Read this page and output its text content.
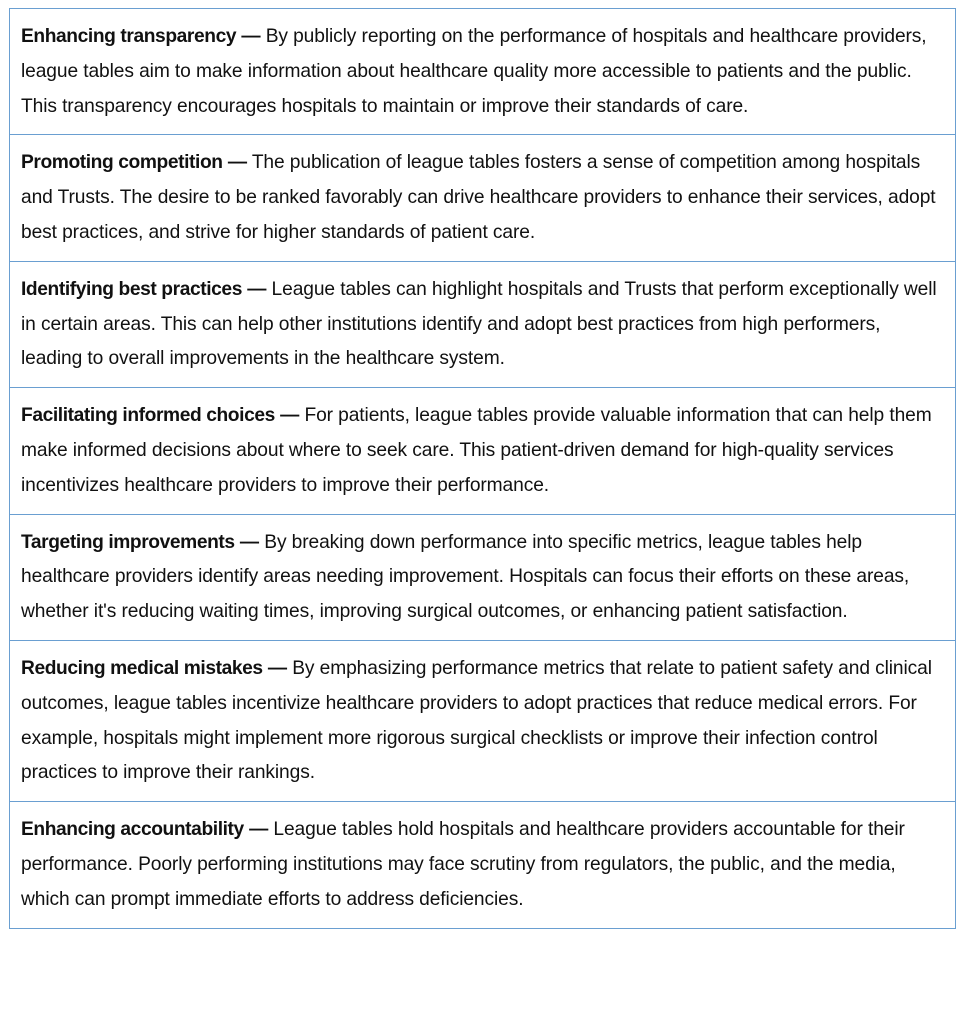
Enhancing transparency — By publicly reporting on the performance of hospitals and healthcare providers, league tables aim to make information about healthcare quality more accessible to patients and the public. This transparency encourages hospitals to maintain or improve their standards of care.
Promoting competition — The publication of league tables fosters a sense of competition among hospitals and Trusts. The desire to be ranked favorably can drive healthcare providers to enhance their services, adopt best practices, and strive for higher standards of patient care.
Identifying best practices — League tables can highlight hospitals and Trusts that perform exceptionally well in certain areas. This can help other institutions identify and adopt best practices from high performers, leading to overall improvements in the healthcare system.
Facilitating informed choices — For patients, league tables provide valuable information that can help them make informed decisions about where to seek care. This patient-driven demand for high-quality services incentivizes healthcare providers to improve their performance.
Targeting improvements — By breaking down performance into specific metrics, league tables help healthcare providers identify areas needing improvement. Hospitals can focus their efforts on these areas, whether it's reducing waiting times, improving surgical outcomes, or enhancing patient satisfaction.
Reducing medical mistakes — By emphasizing performance metrics that relate to patient safety and clinical outcomes, league tables incentivize healthcare providers to adopt practices that reduce medical errors. For example, hospitals might implement more rigorous surgical checklists or improve their infection control practices to improve their rankings.
Enhancing accountability — League tables hold hospitals and healthcare providers accountable for their performance. Poorly performing institutions may face scrutiny from regulators, the public, and the media, which can prompt immediate efforts to address deficiencies.
